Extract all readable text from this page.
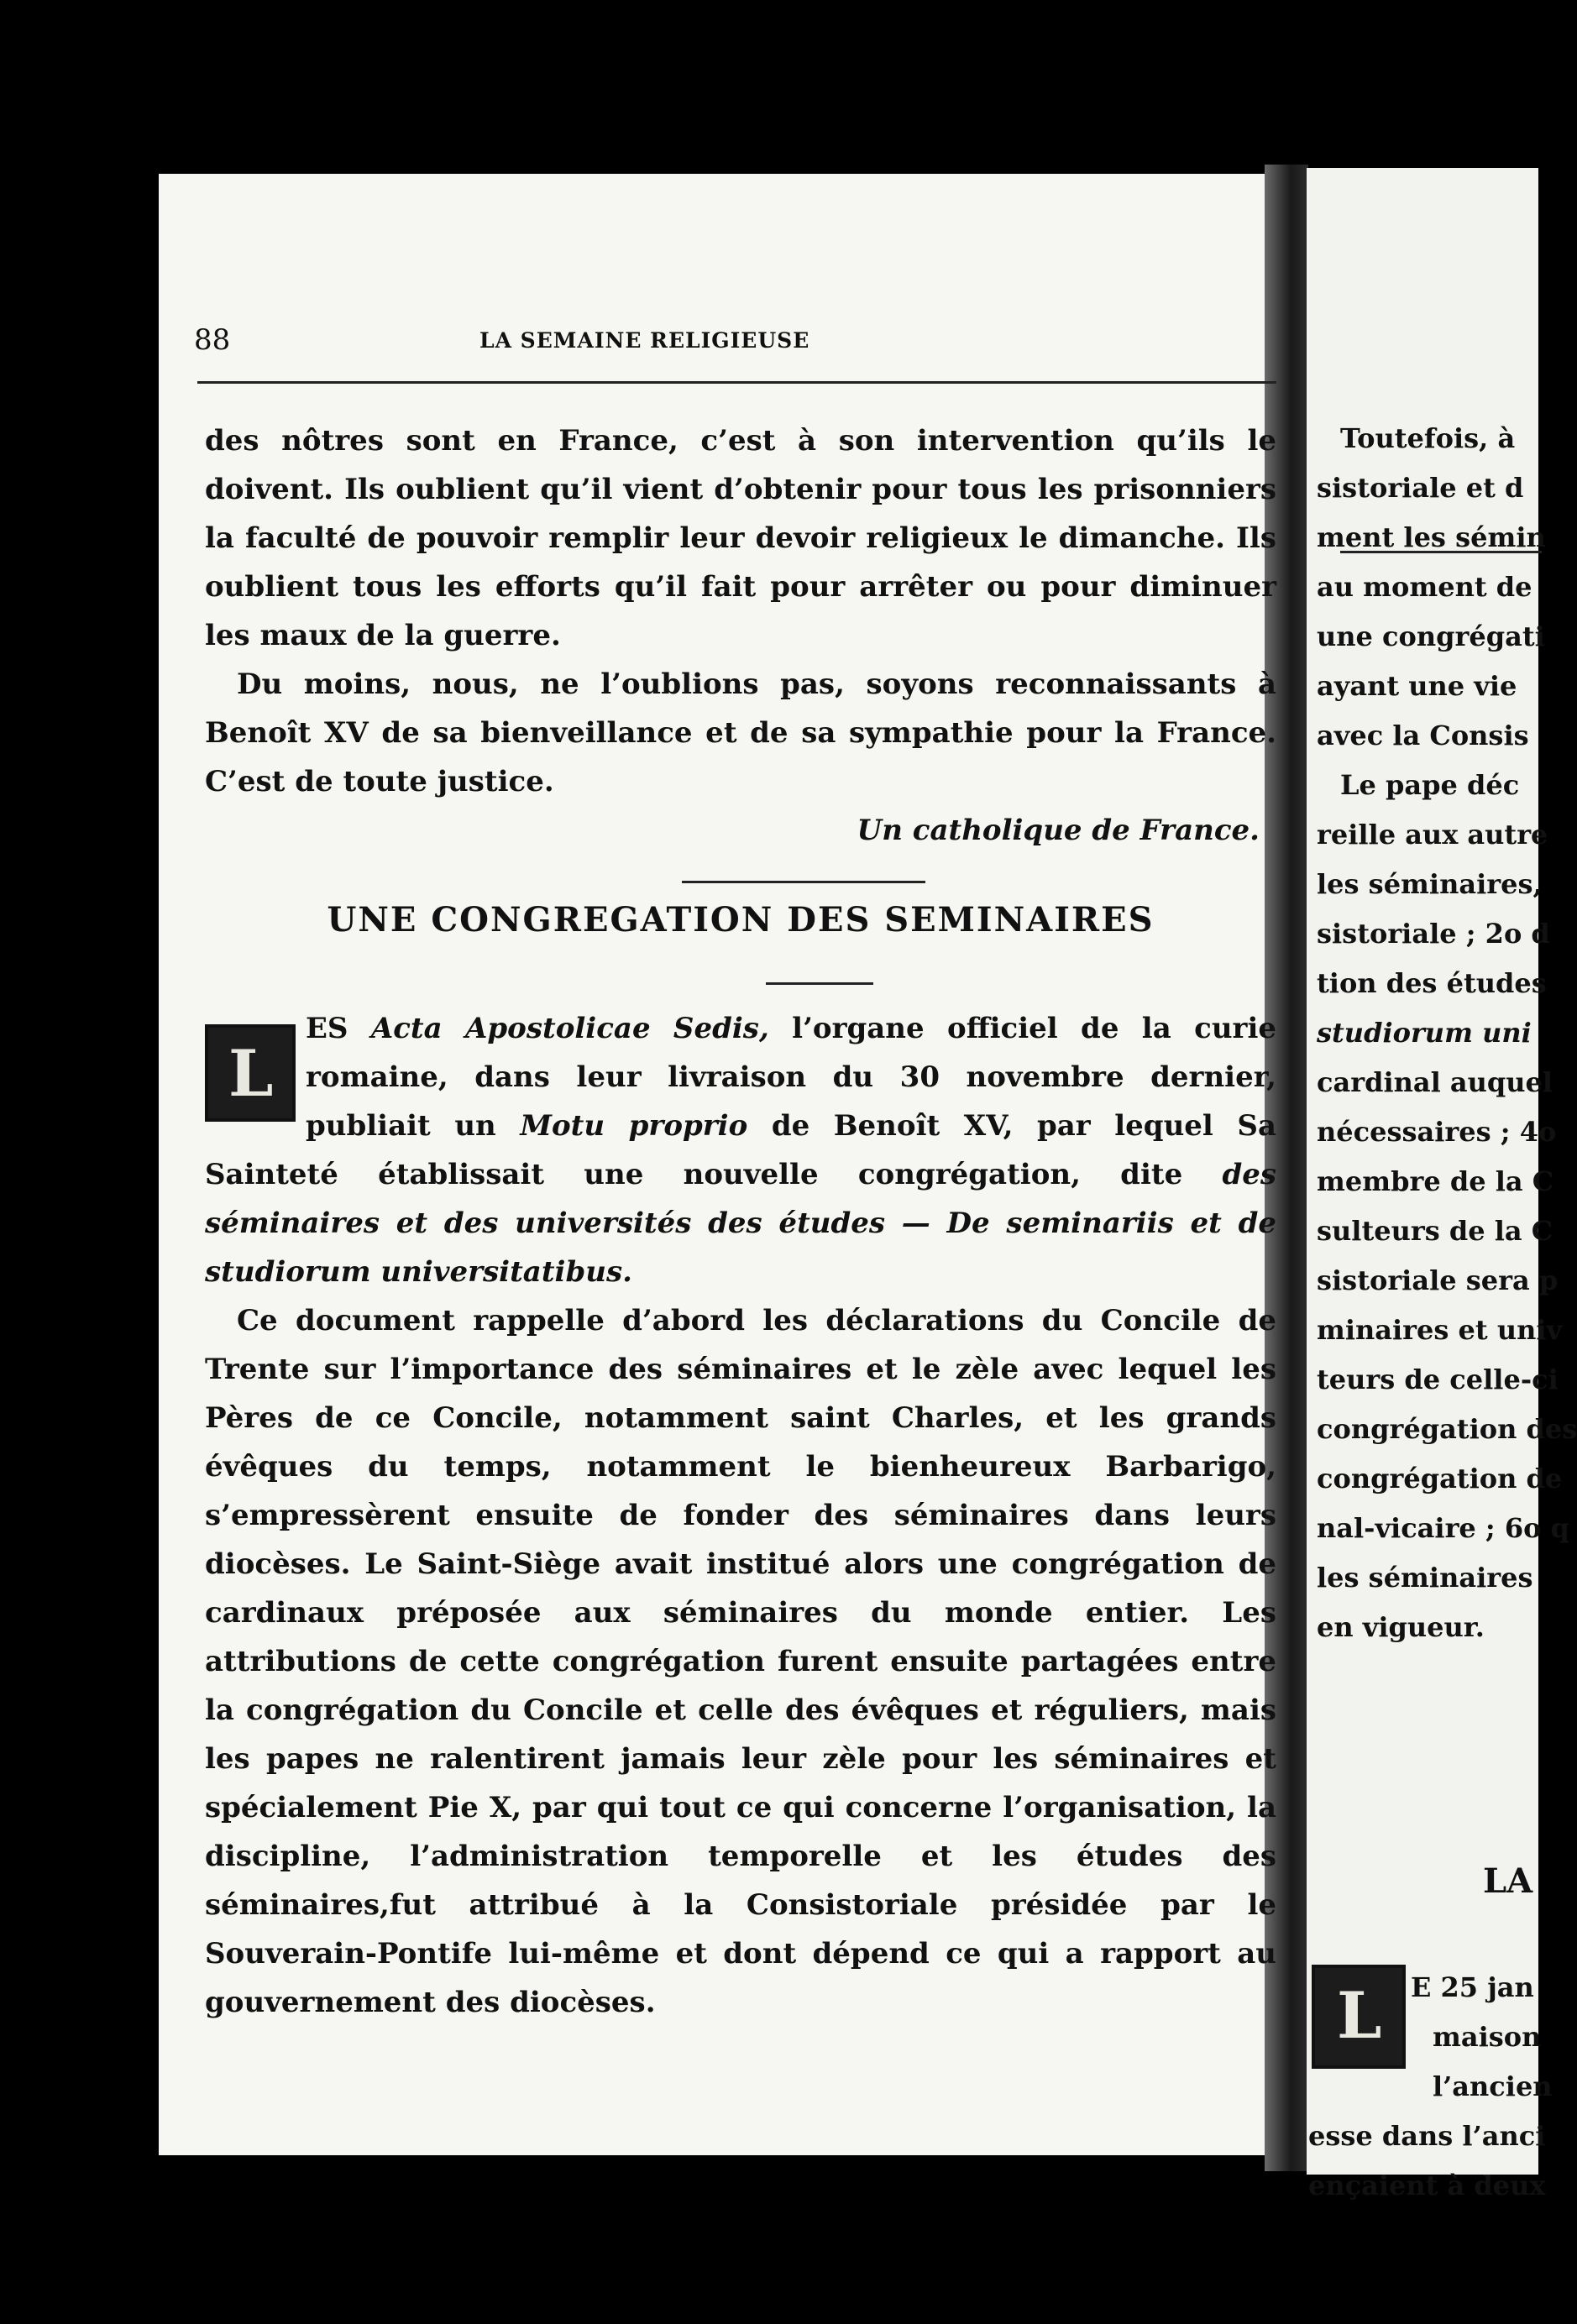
Toutefois, à
sistoriale et d
ment les sémin
au moment de
une congrégati
ayant une vie
avec la Consis
Le pape déc
reille aux autre
les séminaires,
sistoriale ; 2o d
tion des études
studiorum uni
cardinal auquel
nécessaires ; 4o
membre de la C
sulteurs de la C
sistoriale sera p
minaires et univ
teurs de celle-ci
congrégation des
congrégation de
nal-vicaire ; 6o q
les séminaires
en vigueur.
LA
L E 25 jan
maison
l’ancien
esse dans l’anci
ençaient à deux
88	LA SEMAINE RELIGIEUSE

des nôtres sont en France, c’est à son intervention qu’ils le doivent. Ils oublient qu’il vient d’obtenir pour tous les prisonniers la faculté de pouvoir remplir leur devoir religieux le dimanche. Ils oublient tous les efforts qu’il fait pour arrêter ou pour diminuer les maux de la guerre.

Du moins, nous, ne l’oublions pas, soyons reconnaissants à Benoît XV de sa bienveillance et de sa sympathie pour la France. C’est de toute justice.

Un catholique de France.
UNE CONGREGATION DES SEMINAIRES
L
ES Acta Apostolicae Sedis, l’organe officiel de la curie romaine, dans leur livraison du 30 novembre dernier, publiait un Motu proprio de Benoît XV, par lequel Sa Sainteté établissait une nouvelle congrégation, dite des séminaires et des universités des études — De seminariis et de studiorum universitatibus.

Ce document rappelle d’abord les déclarations du Concile de Trente sur l’importance des séminaires et le zèle avec lequel les Pères de ce Concile, notamment saint Charles, et les grands évêques du temps, notamment le bienheureux Barbarigo, s’empressèrent ensuite de fonder des séminaires dans leurs diocèses. Le Saint-Siège avait institué alors une congrégation de cardinaux préposée aux séminaires du monde entier. Les attributions de cette congrégation furent ensuite partagées entre la congrégation du Concile et celle des évêques et réguliers, mais les papes ne ralentirent jamais leur zèle pour les séminaires et spécialement Pie X, par qui tout ce qui concerne l’organisation, la discipline, l’administration temporelle et les études des séminaires,fut attribué à la Consistoriale présidée par le Souverain-Pontife lui-même et dont dépend ce qui a rapport au gouvernement des diocèses.
